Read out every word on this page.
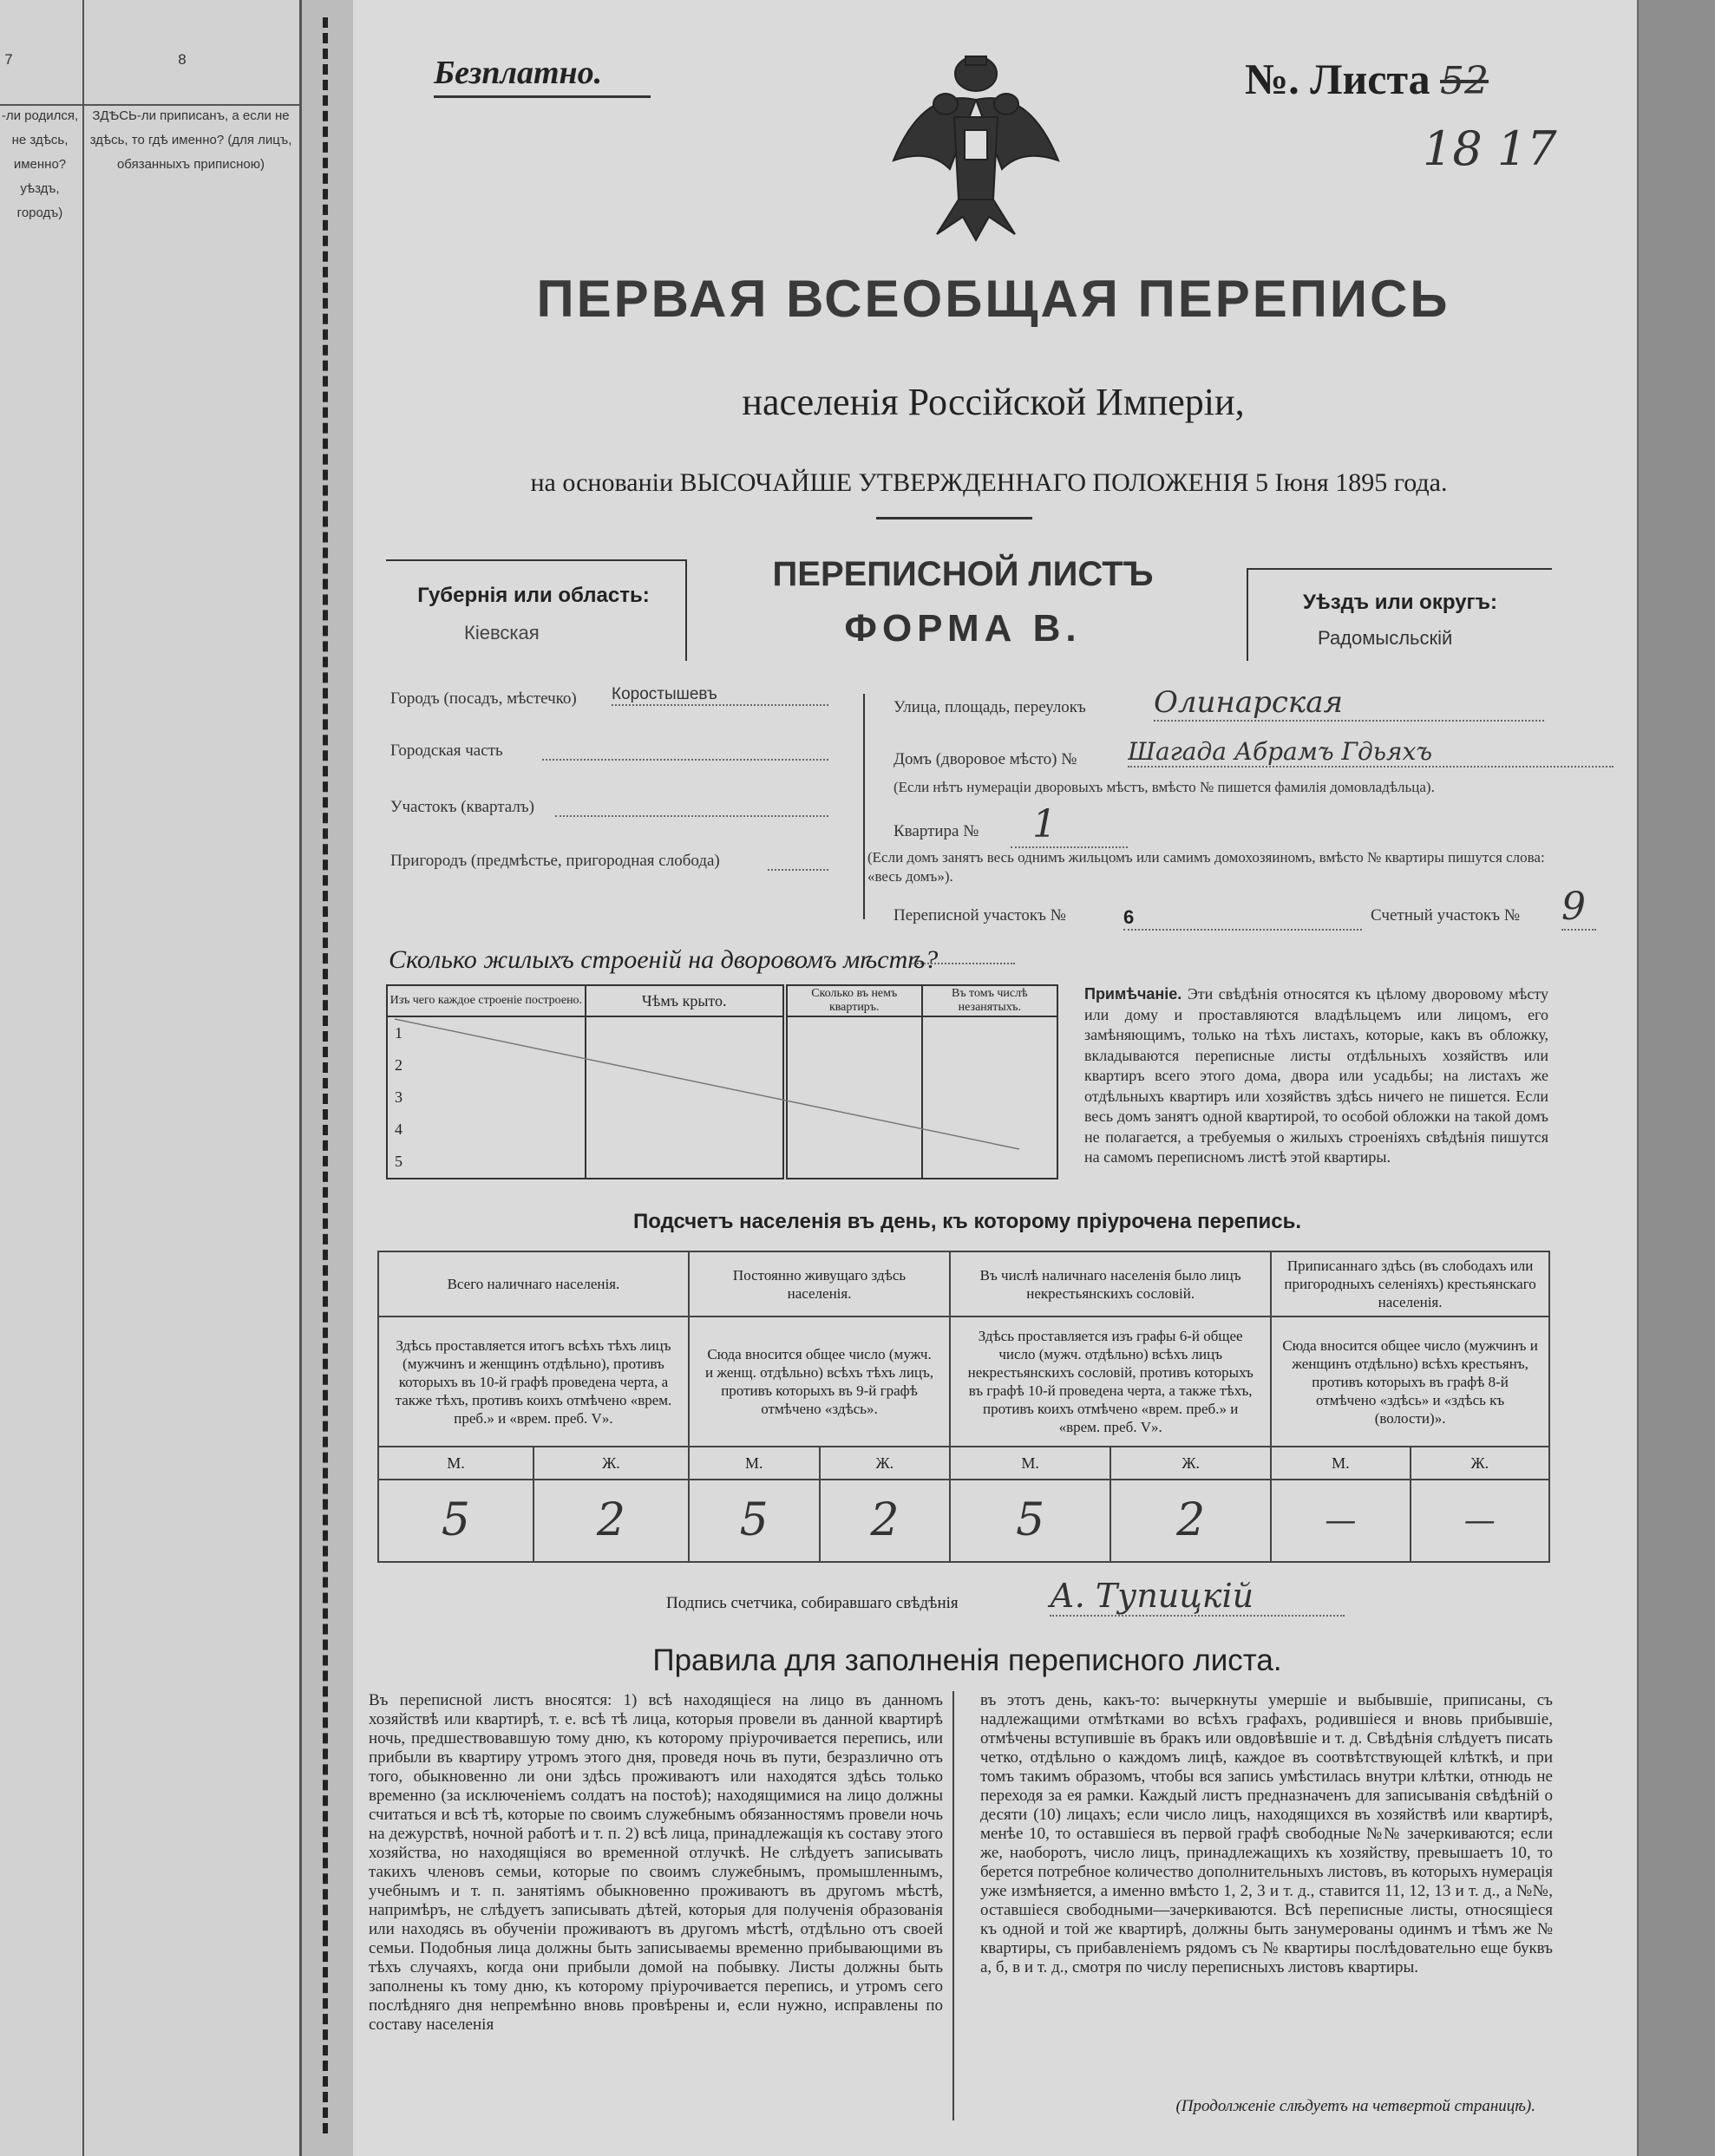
7	8
-ли родился, не здѣсь, именно? уѣздъ, городъ)
ЗДѢСЬ-ли приписанъ, а если не здѣсь, то гдѣ именно? (для лицъ, обязанныхъ приписною)
Безплатно.	№. Листа 52
18 17
ПЕРВАЯ ВСЕОБЩАЯ ПЕРЕПИСЬ
населенія Россійской Имперіи,
на основаніи ВЫСОЧАЙШЕ УТВЕРЖДЕННАГО ПОЛОЖЕНІЯ 5 Іюня 1895 года.
Губернія или область:
Кіевская
ПЕРЕПИСНОЙ ЛИСТЪ
ФОРМА В.
Уѣздъ или округъ:
Радомысльскій
Городъ (посадъ, мѣстечко) Коростышевъ
Городская часть
Участокъ (кварталъ)
Пригородъ (предмѣстье, пригородная слобода)
Улица, площадь, переулокъ Олинарская
Домъ (дворовое мѣсто) № Шагада Абрамъ Гдьяхъ
(Если нѣтъ нумераціи дворовыхъ мѣстъ, вмѣсто № пишется фамилія домовладѣльца).
Квартира №	1
(Если домъ занятъ весь однимъ жильцомъ или самимъ домохозяиномъ, вмѣсто № квартиры пишутся слова: «весь домъ»).
Переписной участокъ №	6	Счетный участокъ № 9
Сколько жилыхъ строеній на дворовомъ мѣстѣ?
Изъ чего каждое строеніе построено.	Чѣмъ крыто.	Сколько въ немъ квартиръ.	Въ томъ числѣ незанятыхъ.
1			
2			
3			
4			
5			
Примѣчаніе. Эти свѣдѣнія относятся къ цѣлому дворовому мѣсту или дому и проставляются владѣльцемъ или лицомъ, его замѣняющимъ, только на тѣхъ листахъ, которые, какъ въ обложку, вкладываются переписные листы отдѣльныхъ хозяйствъ или квартиръ всего этого дома, двора или усадьбы; на листахъ же отдѣльныхъ квартиръ или хозяйствъ здѣсь ничего не пишется. Если весь домъ занятъ одной квартирой, то особой обложки на такой домъ не полагается, а требуемыя о жилыхъ строеніяхъ свѣдѣнія пишутся на самомъ переписномъ листѣ этой квартиры.
Подсчетъ населенія въ день, къ которому пріурочена перепись.
Всего наличнаго населенія.		Постоянно живущаго здѣсь населенія.		Въ числѣ наличнаго населенія было лицъ некрестьянскихъ сословій.		Приписаннаго здѣсь (въ слободахъ или пригородныхъ селеніяхъ) крестьянскаго населенія.	
Здѣсь проставляется итогъ всѣхъ тѣхъ лицъ (мужчинъ и женщинъ отдѣльно), противъ которыхъ въ 10-й графѣ проведена черта, а также тѣхъ, противъ коихъ отмѣчено «врем. преб.» и «врем. преб. V».		Сюда вносится общее число (мужч. и женщ. отдѣльно) всѣхъ тѣхъ лицъ, противъ которыхъ въ 9-й графѣ отмѣчено «здѣсь».		Здѣсь проставляется изъ графы 6-й общее число (мужч. отдѣльно) всѣхъ лицъ некрестьянскихъ сословій, противъ которыхъ въ графѣ 10-й проведена черта, а также тѣхъ, противъ коихъ отмѣчено «врем. преб.» и «врем. преб. V».		Сюда вносится общее число (мужчинъ и женщинъ отдѣльно) всѣхъ крестьянъ, противъ которыхъ въ графѣ 8-й отмѣчено «здѣсь» и «здѣсь къ (волости)».	
М.	Ж.	М.	Ж.	М.	Ж.	М.	Ж.
5	2	5	2	5	2	—	—
Подпись счетчика, собиравшаго свѣдѣнія	А. Тупицкій
Правила для заполненія переписного листа.
Въ переписной листъ вносятся: 1) всѣ находящіеся на лицо въ данномъ хозяйствѣ или квартирѣ, т. е. всѣ тѣ лица, которыя провели въ данной квартирѣ ночь, предшествовавшую тому дню, къ которому пріурочивается перепись, или прибыли въ квартиру утромъ этого дня, проведя ночь въ пути, безразлично отъ того, обыкновенно ли они здѣсь проживаютъ или находятся здѣсь только временно (за исключеніемъ солдатъ на постоѣ); находящимися на лицо должны считаться и всѣ тѣ, которые по своимъ служебнымъ обязанностямъ провели ночь на дежурствѣ, ночной работѣ и т. п. 2) всѣ лица, принадлежащія къ составу этого хозяйства, но находящіяся во временной отлучкѣ. Не слѣдуетъ записывать такихъ членовъ семьи, которые по своимъ служебнымъ, промышленнымъ, учебнымъ и т. п. занятіямъ обыкновенно проживаютъ въ другомъ мѣстѣ, напримѣръ, не слѣдуетъ записывать дѣтей, которыя для полученія образованія или находясь въ обученіи проживаютъ въ другомъ мѣстѣ, отдѣльно отъ своей семьи. Подобныя лица должны быть записываемы временно прибывающими въ тѣхъ случаяхъ, когда они прибыли домой на побывку. Листы должны быть заполнены къ тому дню, къ которому пріурочивается перепись, и утромъ сего послѣдняго дня непремѣнно вновь провѣрены и, если нужно, исправлены по составу населенія
въ этотъ день, какъ-то: вычеркнуты умершіе и выбывшіе, приписаны, съ надлежащими отмѣтками во всѣхъ графахъ, родившіеся и вновь прибывшіе, отмѣчены вступившіе въ бракъ или овдовѣвшіе и т. д. Свѣдѣнія слѣдуетъ писать четко, отдѣльно о каждомъ лицѣ, каждое въ соотвѣтствующей клѣткѣ, и при томъ такимъ образомъ, чтобы вся запись умѣстилась внутри клѣтки, отнюдь не переходя за ея рамки. Каждый листъ предназначенъ для записыванія свѣдѣній о десяти (10) лицахъ; если число лицъ, находящихся въ хозяйствѣ или квартирѣ, менѣе 10, то оставшіеся въ первой графѣ свободные №№ зачеркиваются; если же, наоборотъ, число лицъ, принадлежащихъ къ хозяйству, превышаетъ 10, то берется потребное количество дополнительныхъ листовъ, въ которыхъ нумерація уже измѣняется, а именно вмѣсто 1, 2, 3 и т. д., ставится 11, 12, 13 и т. д., а №№, оставшіеся свободными—зачеркиваются. Всѣ переписные листы, относящіеся къ одной и той же квартирѣ, должны быть занумерованы одинмъ и тѣмъ же № квартиры, съ прибавленіемъ рядомъ съ № квартиры послѣдовательно еще буквъ а, б, в и т. д., смотря по числу переписныхъ листовъ квартиры.
(Продолженіе слѣдуетъ на четвертой страницѣ).
